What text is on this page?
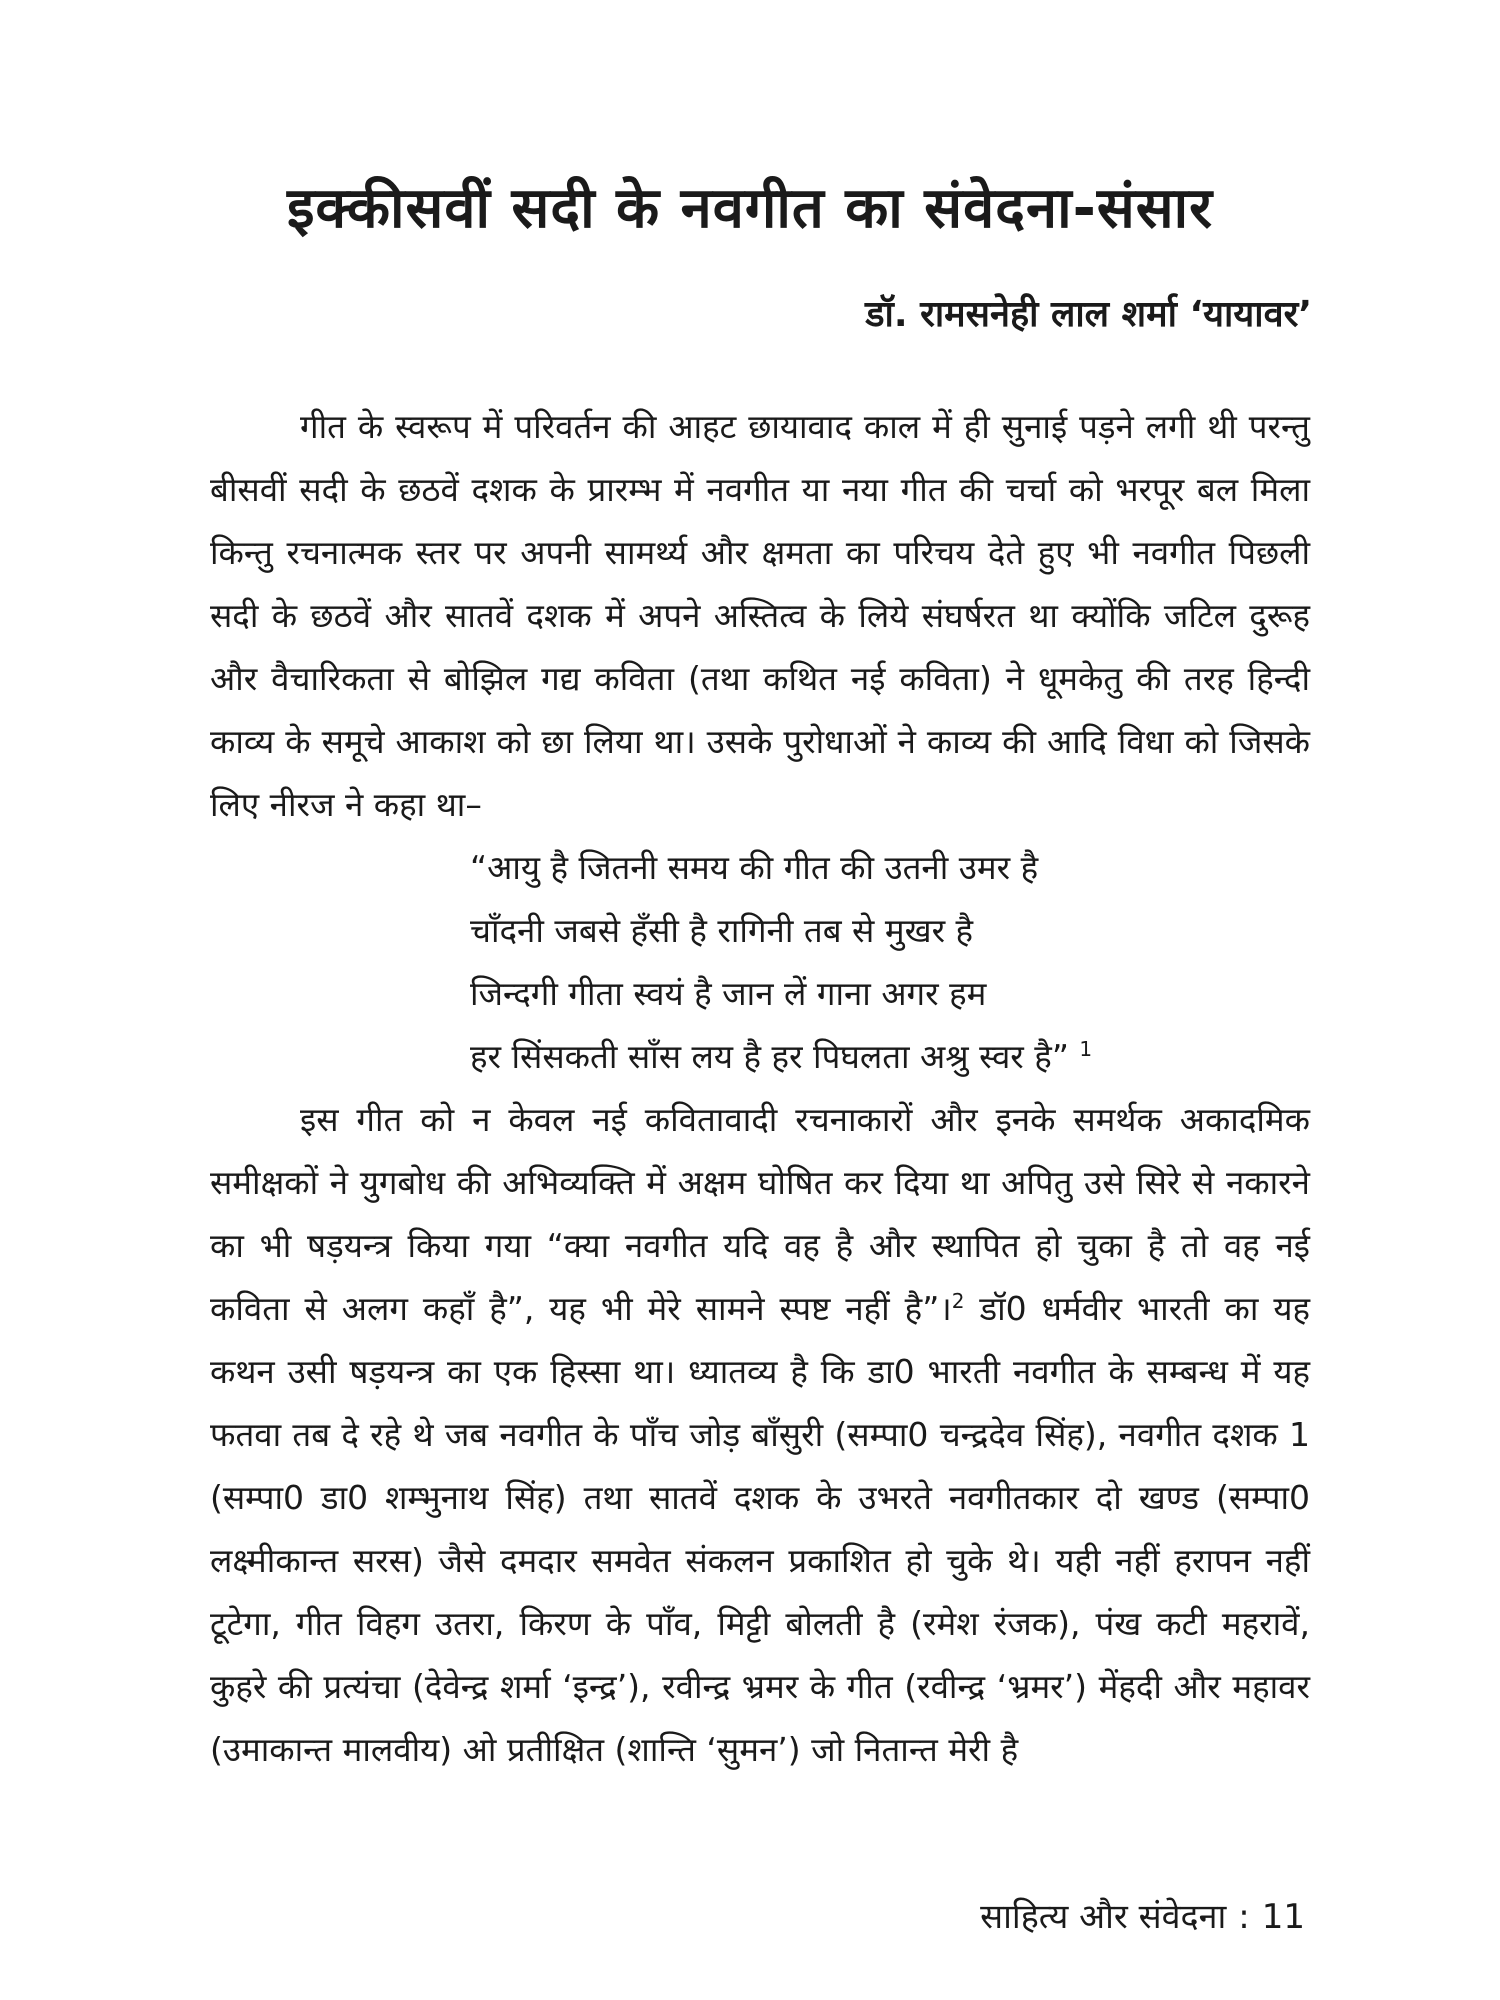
इक्कीसवीं सदी के नवगीत का संवेदना-संसार

डॉ. रामसनेही लाल शर्मा ‘यायावर’

गीत के स्वरूप में परिवर्तन की आहट छायावाद काल में ही सुनाई पड़ने लगी थी परन्तु बीसवीं सदी के छठवें दशक के प्रारम्भ में नवगीत या नया गीत की चर्चा को भरपूर बल मिला किन्तु रचनात्मक स्तर पर अपनी सामर्थ्य और क्षमता का परिचय देते हुए भी नवगीत पिछली सदी के छठवें और सातवें दशक में अपने अस्तित्व के लिये संघर्षरत था क्योंकि जटिल दुरूह और वैचारिकता से बोझिल गद्य कविता (तथा कथित नई कविता) ने धूमकेतु की तरह हिन्दी काव्य के समूचे आकाश को छा लिया था। उसके पुरोधाओं ने काव्य की आदि विधा को जिसके लिए नीरज ने कहा था–

“आयु है जितनी समय की गीत की उतनी उमर है

चाँदनी जबसे हँसी है रागिनी तब से मुखर है

जिन्दगी गीता स्वयं है जान लें गाना अगर हम

हर सिंसकती साँस लय है हर पिघलता अश्रु स्वर है” $^1$

इस गीत को न केवल नई कवितावादी रचनाकारों और इनके समर्थक अकादमिक समीक्षकों ने युगबोध की अभिव्यक्ति में अक्षम घोषित कर दिया था अपितु उसे सिरे से नकारने का भी षड़यन्त्र किया गया “क्या नवगीत यदि वह है और स्थापित हो चुका है तो वह नई कविता से अलग कहाँ है”, यह भी मेरे सामने स्पष्ट नहीं है”।$^2$ डॉ0 धर्मवीर भारती का यह कथन उसी षड़यन्त्र का एक हिस्सा था। ध्यातव्य है कि डा0 भारती नवगीत के सम्बन्ध में यह फतवा तब दे रहे थे जब नवगीत के पाँच जोड़ बाँसुरी (सम्पा0 चन्द्रदेव सिंह), नवगीत दशक 1 (सम्पा0 डा0 शम्भुनाथ सिंह) तथा सातवें दशक के उभरते नवगीतकार दो खण्ड (सम्पा0 लक्ष्मीकान्त सरस) जैसे दमदार समवेत संकलन प्रकाशित हो चुके थे। यही नहीं हरापन नहीं टूटेगा, गीत विहग उतरा, किरण के पाँव, मिट्टी बोलती है (रमेश रंजक), पंख कटी महरावें, कुहरे की प्रत्यंचा (देवेन्द्र शर्मा ‘इन्द्र’), रवीन्द्र भ्रमर के गीत (रवीन्द्र ‘भ्रमर’) मेंहदी और महावर (उमाकान्त मालवीय) ओ प्रतीक्षित (शान्ति ‘सुमन’) जो नितान्त मेरी है

साहित्य और संवेदना : 11
